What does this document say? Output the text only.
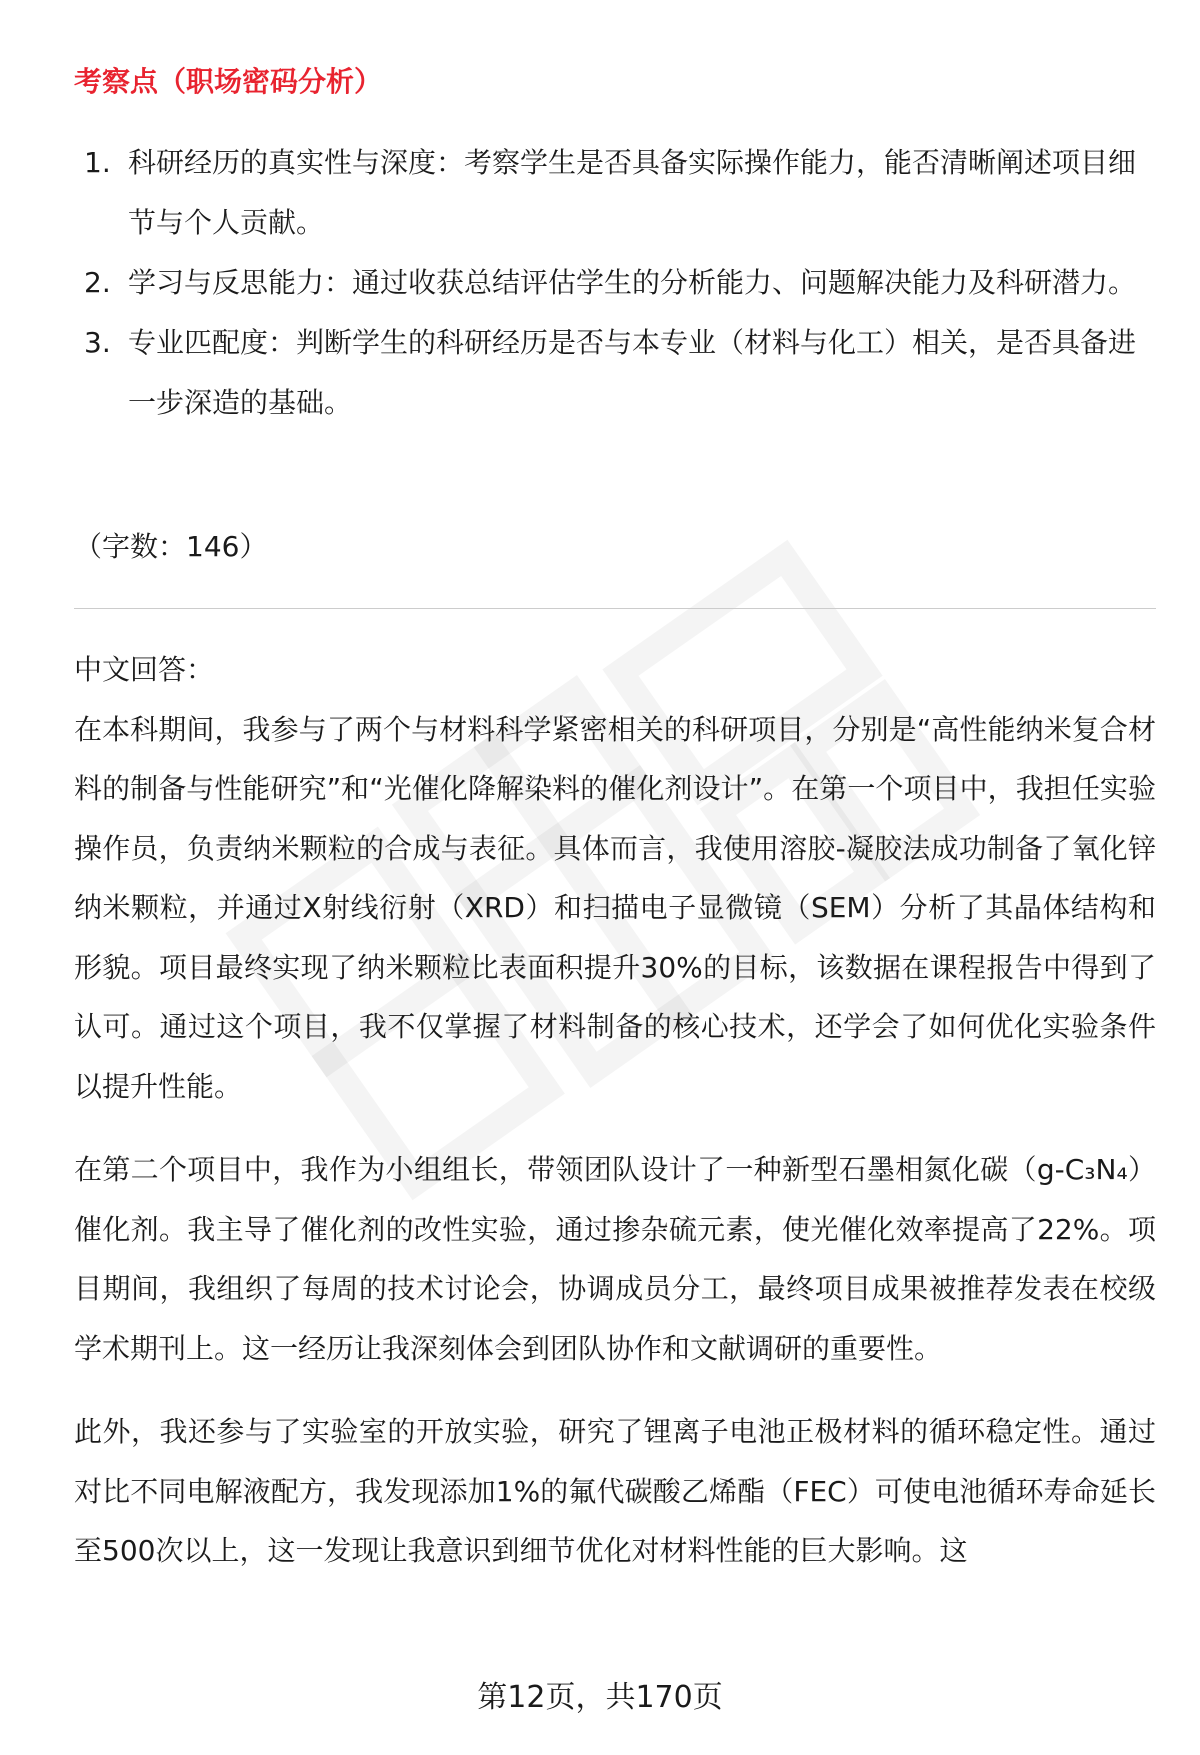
考察点（职场密码分析）
1. 科研经历的真实性与深度：考察学生是否具备实际操作能力，能否清晰阐述项目细节与个人贡献。
2. 学习与反思能力：通过收获总结评估学生的分析能力、问题解决能力及科研潜力。
3. 专业匹配度：判断学生的科研经历是否与本专业（材料与化工）相关，是否具备进一步深造的基础。
（字数：146）

中文回答：

在本科期间，我参与了两个与材料科学紧密相关的科研项目，分别是“高性能纳米复合材料的制备与性能研究”和“光催化降解染料的催化剂设计”。在第一个项目中，我担任实验操作员，负责纳米颗粒的合成与表征。具体而言，我使用溶胶-凝胶法成功制备了氧化锌纳米颗粒，并通过X射线衍射（XRD）和扫描电子显微镜（SEM）分析了其晶体结构和形貌。项目最终实现了纳米颗粒比表面积提升30%的目标，该数据在课程报告中得到了认可。通过这个项目，我不仅掌握了材料制备的核心技术，还学会了如何优化实验条件以提升性能。

在第二个项目中，我作为小组组长，带领团队设计了一种新型石墨相氮化碳（g-C₃N₄）催化剂。我主导了催化剂的改性实验，通过掺杂硫元素，使光催化效率提高了22%。项目期间，我组织了每周的技术讨论会，协调成员分工，最终项目成果被推荐发表在校级学术期刊上。这一经历让我深刻体会到团队协作和文献调研的重要性。

此外，我还参与了实验室的开放实验，研究了锂离子电池正极材料的循环稳定性。通过对比不同电解液配方，我发现添加1%的氟代碳酸乙烯酯（FEC）可使电池循环寿命延长至500次以上，这一发现让我意识到细节优化对材料性能的巨大影响。这

第12页，共170页
